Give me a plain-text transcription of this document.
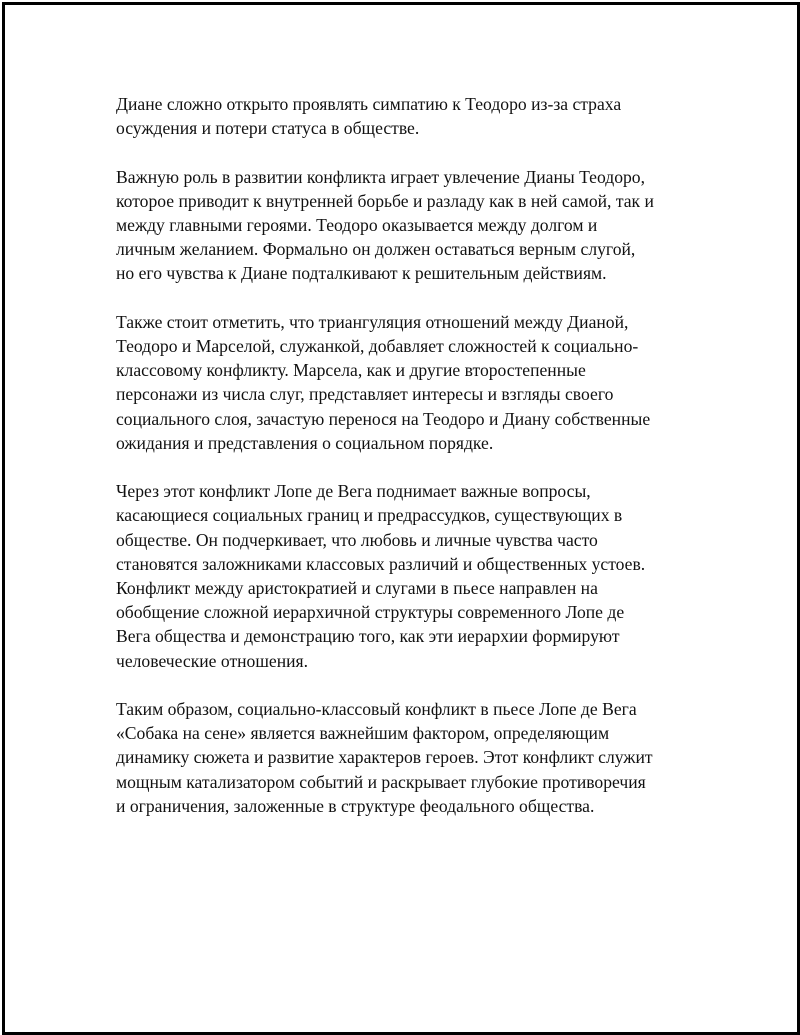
Диане сложно открыто проявлять симпатию к Теодоро из-за страха
осуждения и потери статуса в обществе.

Важную роль в развитии конфликта играет увлечение Дианы Теодоро,
которое приводит к внутренней борьбе и разладу как в ней самой, так и
между главными героями. Теодоро оказывается между долгом и
личным желанием. Формально он должен оставаться верным слугой,
но его чувства к Диане подталкивают к решительным действиям.

Также стоит отметить, что триангуляция отношений между Дианой,
Теодоро и Марселой, служанкой, добавляет сложностей к социально-
классовому конфликту. Марсела, как и другие второстепенные
персонажи из числа слуг, представляет интересы и взгляды своего
социального слоя, зачастую перенося на Теодоро и Диану собственные
ожидания и представления о социальном порядке.

Через этот конфликт Лопе де Вега поднимает важные вопросы,
касающиеся социальных границ и предрассудков, существующих в
обществе. Он подчеркивает, что любовь и личные чувства часто
становятся заложниками классовых различий и общественных устоев.
Конфликт между аристократией и слугами в пьесе направлен на
обобщение сложной иерархичной структуры современного Лопе де
Вега общества и демонстрацию того, как эти иерархии формируют
человеческие отношения.

Таким образом, социально-классовый конфликт в пьесе Лопе де Вега
«Собака на сене» является важнейшим фактором, определяющим
динамику сюжета и развитие характеров героев. Этот конфликт служит
мощным катализатором событий и раскрывает глубокие противоречия
и ограничения, заложенные в структуре феодального общества.
